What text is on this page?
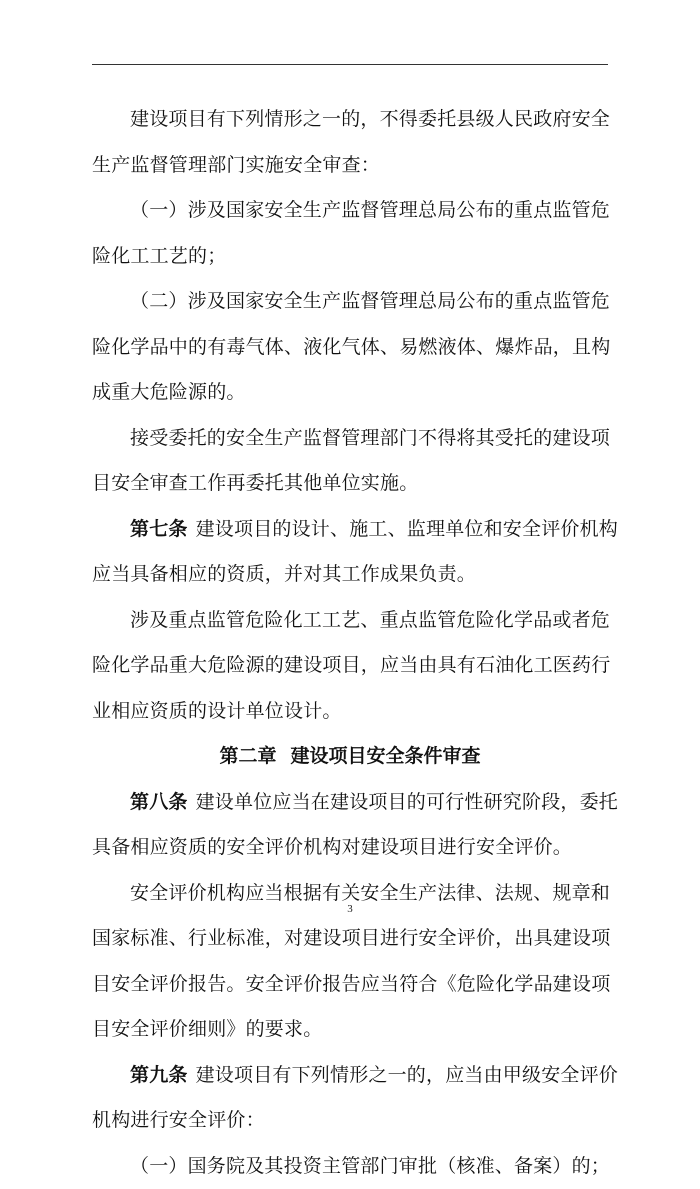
建设项目有下列情形之一的，不得委托县级人民政府安全
生产监督管理部门实施安全审查：
（一）涉及国家安全生产监督管理总局公布的重点监管危
险化工工艺的；
（二）涉及国家安全生产监督管理总局公布的重点监管危
险化学品中的有毒气体、液化气体、易燃液体、爆炸品，且构
成重大危险源的。
接受委托的安全生产监督管理部门不得将其受托的建设项
目安全审查工作再委托其他单位实施。
第七条 建设项目的设计、施工、监理单位和安全评价机构
应当具备相应的资质，并对其工作成果负责。
涉及重点监管危险化工工艺、重点监管危险化学品或者危
险化学品重大危险源的建设项目，应当由具有石油化工医药行
业相应资质的设计单位设计。
第二章 建设项目安全条件审查
第八条 建设单位应当在建设项目的可行性研究阶段，委托
具备相应资质的安全评价机构对建设项目进行安全评价。
安全评价机构应当根据有关安全生产法律、法规、规章和
国家标准、行业标准，对建设项目进行安全评价，出具建设项
目安全评价报告。安全评价报告应当符合《危险化学品建设项
目安全评价细则》的要求。
第九条 建设项目有下列情形之一的，应当由甲级安全评价
机构进行安全评价：
（一）国务院及其投资主管部门审批（核准、备案）的；
3
